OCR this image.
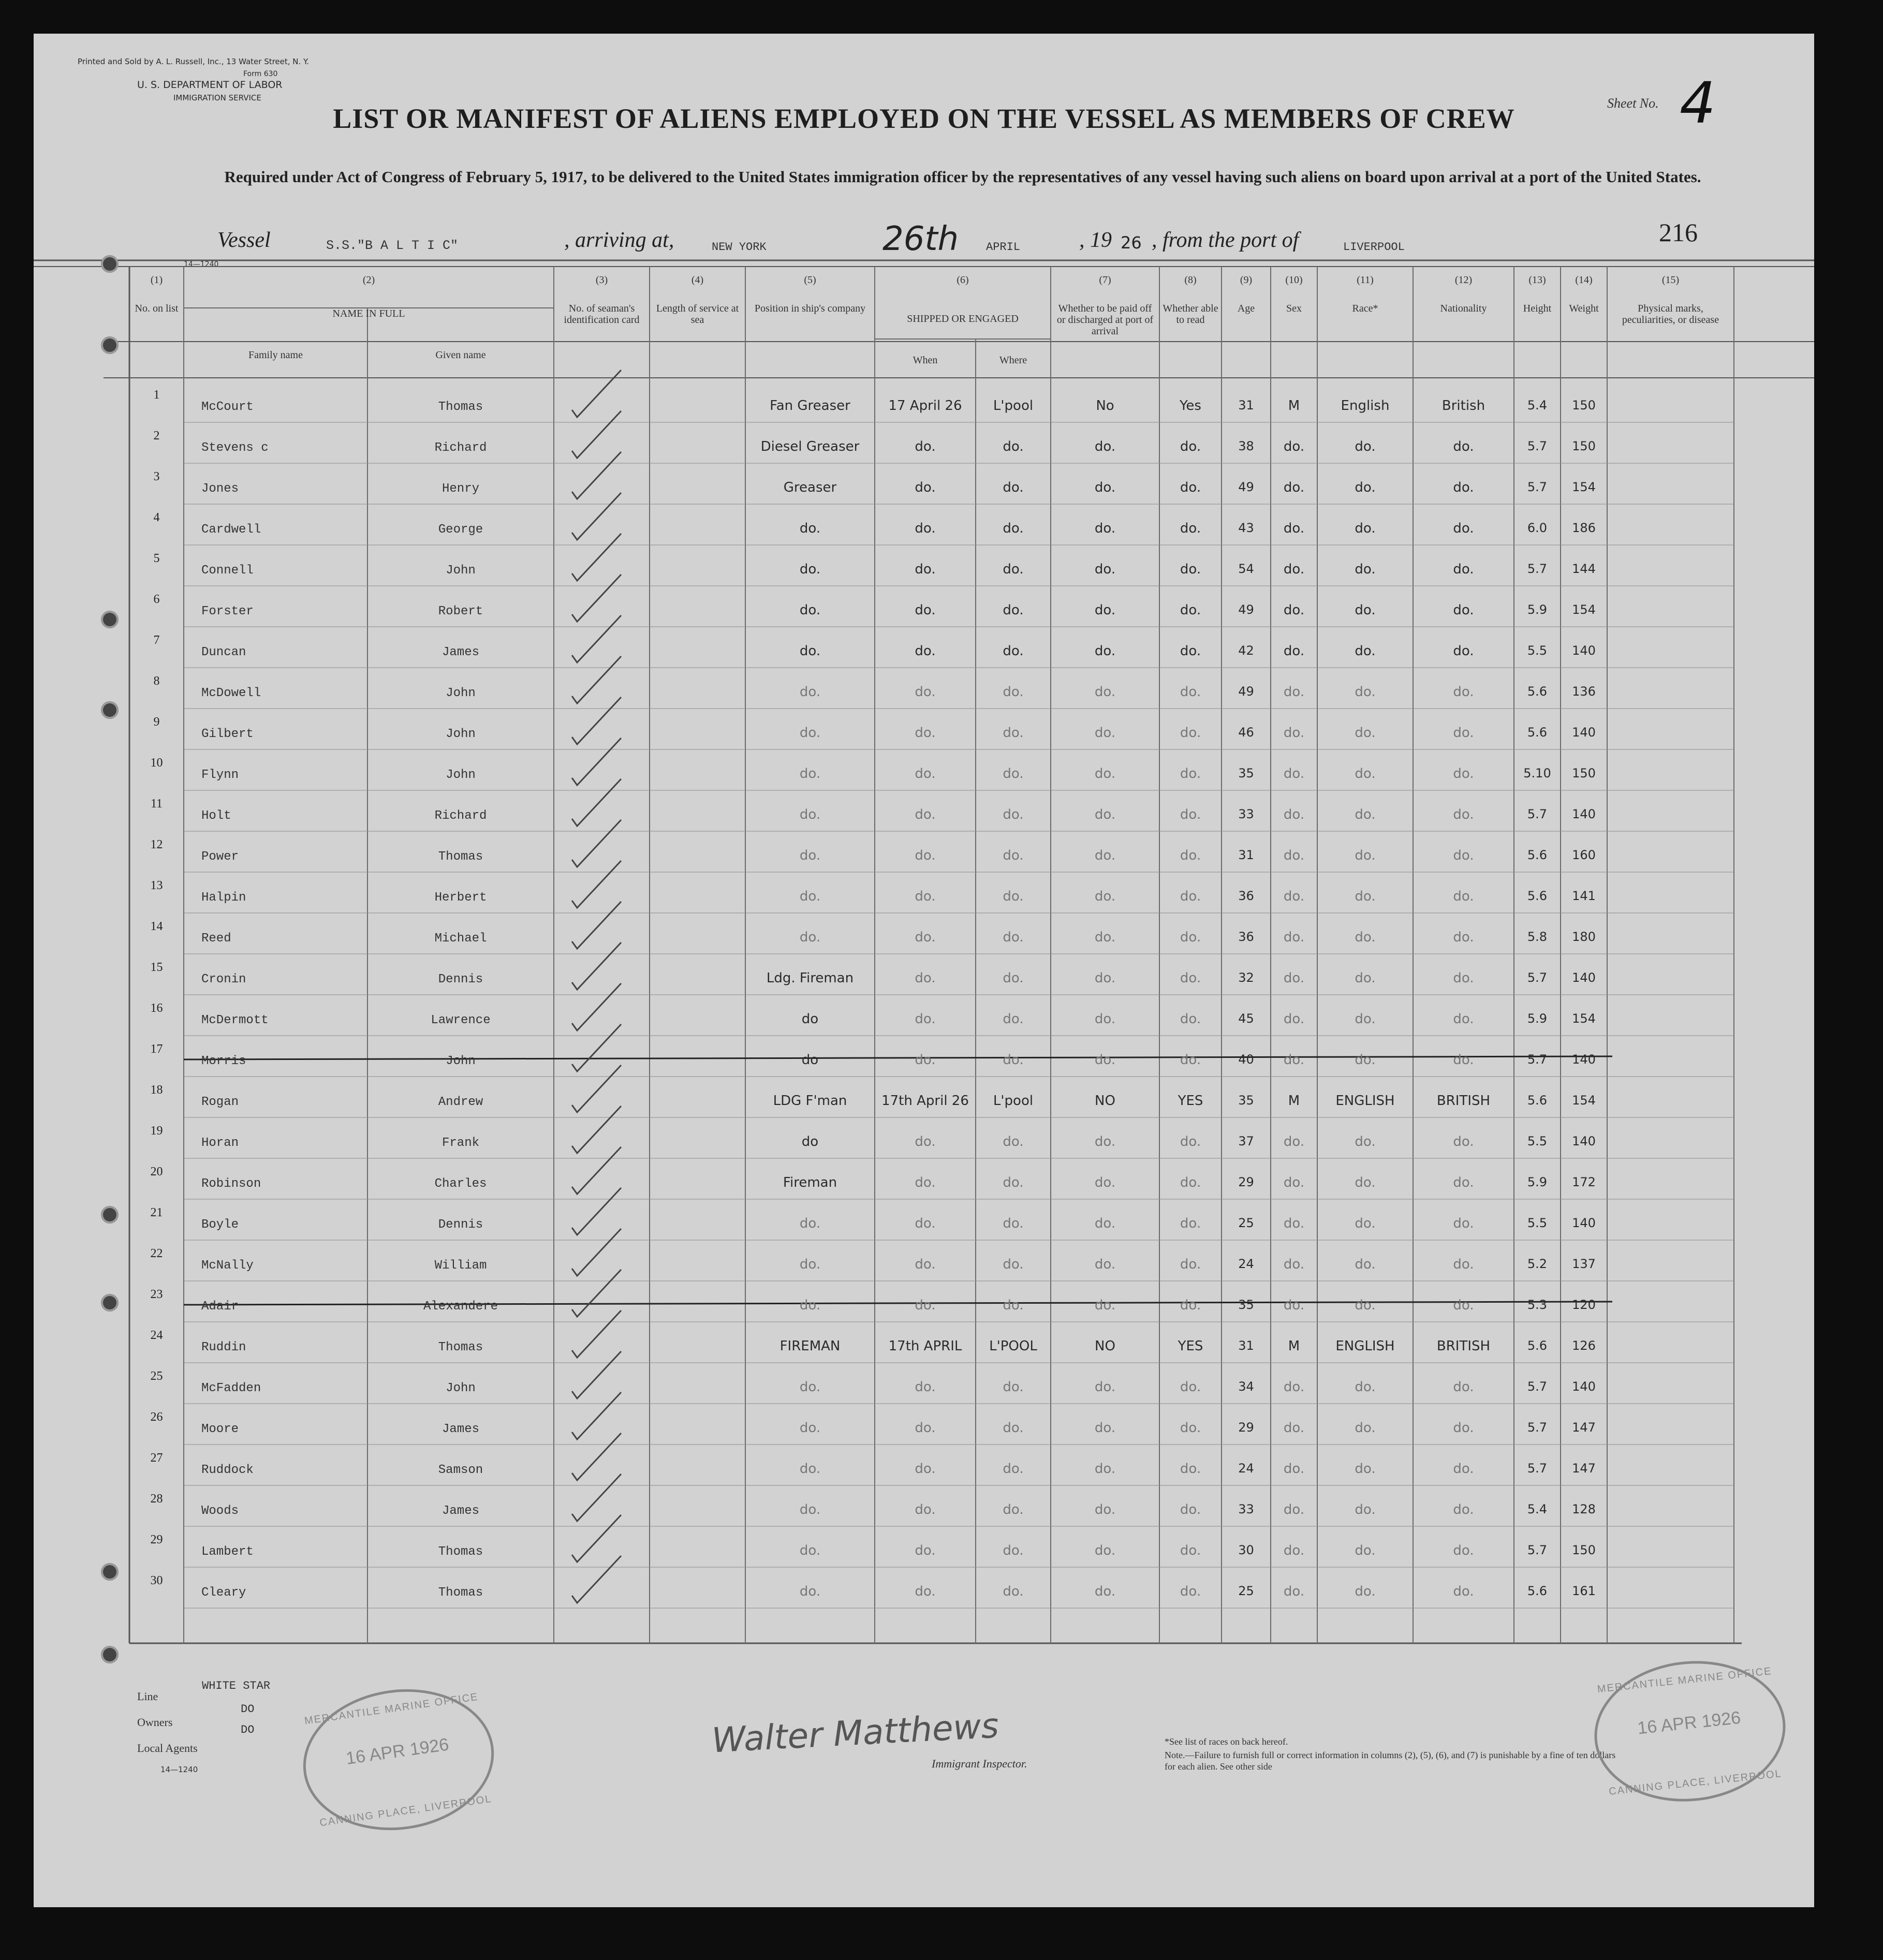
Printed and Sold by A. L. Russell, Inc., 13 Water Street, N. Y.
Form 630
U. S. DEPARTMENT OF LABOR
IMMIGRATION SERVICE	Sheet No. 4
LIST OR MANIFEST OF ALIENS EMPLOYED ON THE VESSEL AS MEMBERS OF CREW
Required under Act of Congress of February 5, 1917, to be delivered to the United States immigration officer by the representatives of any vessel having such aliens on board upon arrival at a port of the United States.
Vessel	S.S."B A L T I C"	, arriving at,	NEW YORK	26th APRIL	, 19 26 , from the port of	LIVERPOOL
216
14—1240
(1)
No. on list
(2)
NAME IN FULL
Family name	Given name
(3)
No. of seaman's identification card
(4)
Length of service at sea
(5)
Position in ship's company
(6)
SHIPPED OR ENGAGED
When	Where
(7)
Whether to be paid off or discharged at port of arrival
(8)
Whether able to read
(9)
Age
(10)
Sex
(11)
Race*
(12)
Nationality
(13)
Height
(14)
Weight
(15)
Physical marks, peculiarities, or disease
1
McCourt	Thomas	Fan Greaser	17 April 26	L'pool	No	Yes	31	M	English	British	5.4	150
2
Stevens c	Richard	Diesel Greaser	do.	do.	do.	do.	38	do.	do.	do.	5.7	150
3
Jones	Henry	Greaser	do.	do.	do.	do.	49	do.	do.	do.	5.7	154
4
Cardwell	George	do.	do.	do.	do.	do.	43	do.	do.	do.	6.0	186
5
Connell	John	do.	do.	do.	do.	do.	54	do.	do.	do.	5.7	144
6
Forster	Robert	do.	do.	do.	do.	do.	49	do.	do.	do.	5.9	154
7
Duncan	James	do.	do.	do.	do.	do.	42	do.	do.	do.	5.5	140
8
McDowell	John	do.	do.	do.	do.	do.	49	do.	do.	do.	5.6	136
9
Gilbert	John	do.	do.	do.	do.	do.	46	do.	do.	do.	5.6	140
10
Flynn	John	do.	do.	do.	do.	do.	35	do.	do.	do.	5.10	150
11
Holt	Richard	do.	do.	do.	do.	do.	33	do.	do.	do.	5.7	140
12
Power	Thomas	do.	do.	do.	do.	do.	31	do.	do.	do.	5.6	160
13
Halpin	Herbert	do.	do.	do.	do.	do.	36	do.	do.	do.	5.6	141
14
Reed	Michael	do.	do.	do.	do.	do.	36	do.	do.	do.	5.8	180
15
Cronin	Dennis	Ldg. Fireman	do.	do.	do.	do.	32	do.	do.	do.	5.7	140
16
McDermott	Lawrence	do	do.	do.	do.	do.	45	do.	do.	do.	5.9	154
17
Morris	John	do	do.	do.	do.	do.	40	do.	do.	do.	5.7	140
18
Rogan	Andrew	LDG F'man	17th April 26	L'pool	NO	YES	35	M	ENGLISH	BRITISH	5.6	154
19
Horan	Frank	do	do.	do.	do.	do.	37	do.	do.	do.	5.5	140
20
Robinson	Charles	Fireman	do.	do.	do.	do.	29	do.	do.	do.	5.9	172
21
Boyle	Dennis	do.	do.	do.	do.	do.	25	do.	do.	do.	5.5	140
22
McNally	William	do.	do.	do.	do.	do.	24	do.	do.	do.	5.2	137
23
Adair	Alexandere	do.	do.	do.	do.	do.	35	do.	do.	do.	5.3	120
24
Ruddin	Thomas	FIREMAN	17th APRIL	L'POOL	NO	YES	31	M	ENGLISH	BRITISH	5.6	126
25
McFadden	John	do.	do.	do.	do.	do.	34	do.	do.	do.	5.7	140
26
Moore	James	do.	do.	do.	do.	do.	29	do.	do.	do.	5.7	147
27
Ruddock	Samson	do.	do.	do.	do.	do.	24	do.	do.	do.	5.7	147
28
Woods	James	do.	do.	do.	do.	do.	33	do.	do.	do.	5.4	128
29
Lambert	Thomas	do.	do.	do.	do.	do.	30	do.	do.	do.	5.7	150
30
Cleary	Thomas	do.	do.	do.	do.	do.	25	do.	do.	do.	5.6	161
Line
WHITE STAR
Owners
DO
Local Agents
DO
14—1240
Walter Matthews
Immigrant Inspector.
*See list of races on back hereof.
Note.—Failure to furnish full or correct information in columns (2), (5), (6), and (7) is punishable by a fine of ten dollars for each alien. See other side
MERCANTILE MARINE OFFICE
16 APR 1926
CANNING PLACE, LIVERPOOL
MERCANTILE MARINE OFFICE
16 APR 1926
CANNING PLACE, LIVERPOOL
